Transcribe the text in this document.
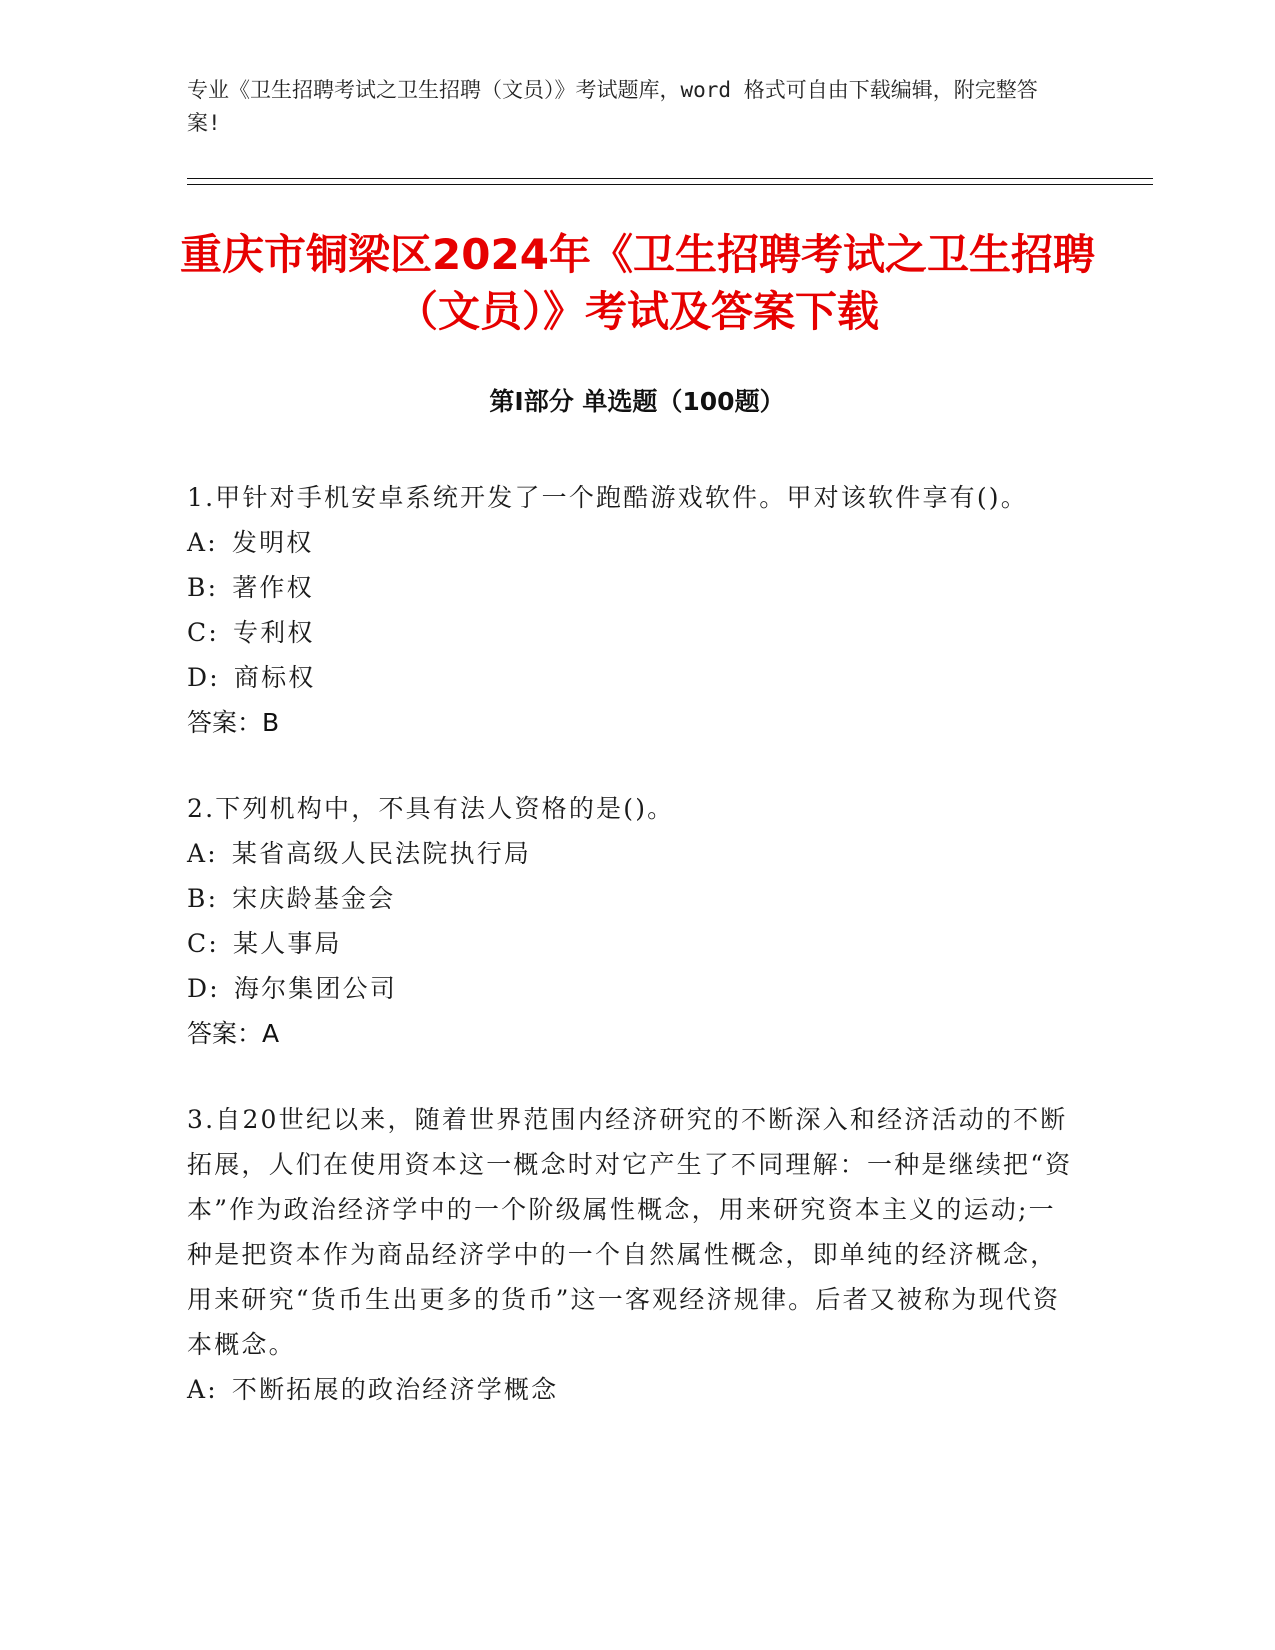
专业《卫生招聘考试之卫生招聘（文员）》考试题库，word 格式可自由下载编辑，附完整答案!
重庆市铜梁区2024年《卫生招聘考试之卫生招聘（文员）》考试及答案下载
第I部分 单选题（100题）

1.甲针对手机安卓系统开发了一个跑酷游戏软件。甲对该软件享有()。

A: 发明权
B: 著作权
C: 专利权
D: 商标权
答案：B

2.下列机构中，不具有法人资格的是()。

A: 某省高级人民法院执行局
B: 宋庆龄基金会
C: 某人事局
D: 海尔集团公司
答案：A

3.自20世纪以来，随着世界范围内经济研究的不断深入和经济活动的不断拓展，人们在使用资本这一概念时对它产生了不同理解：一种是继续把“资本”作为政治经济学中的一个阶级属性概念，用来研究资本主义的运动;一种是把资本作为商品经济学中的一个自然属性概念，即单纯的经济概念，用来研究“货币生出更多的货币”这一客观经济规律。后者又被称为现代资本概念。

A: 不断拓展的政治经济学概念
